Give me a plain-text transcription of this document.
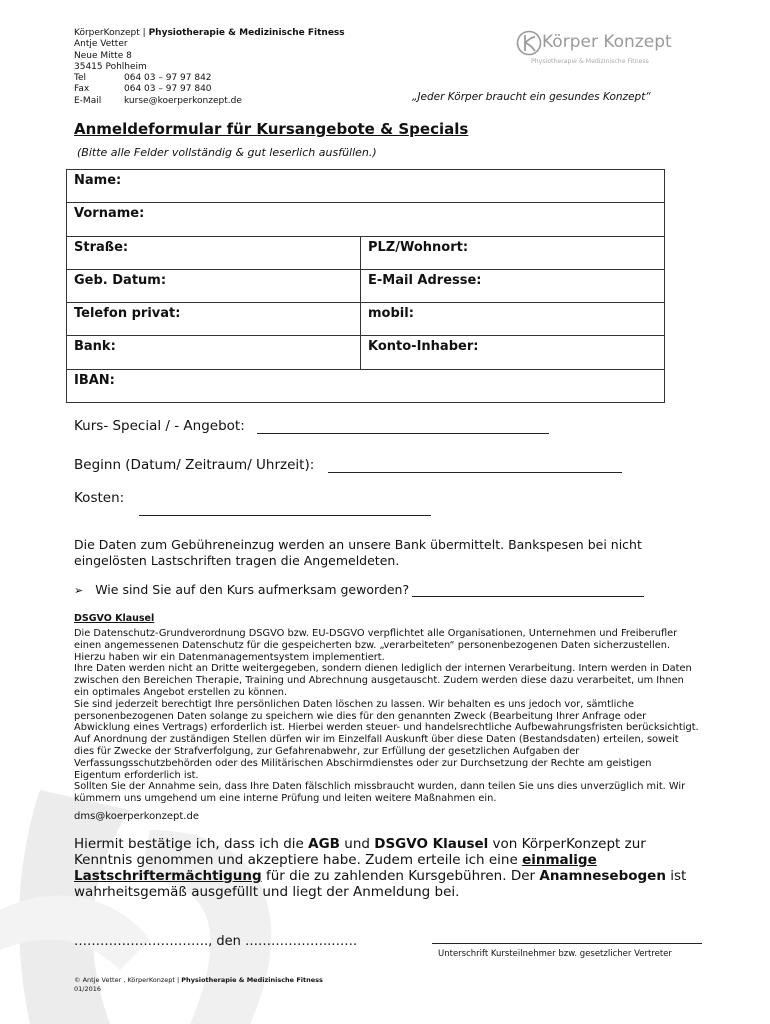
KörperKonzept
|
Physiotherapie & Medizinische Fitness
Antje Vetter
Neue Mitte 8
35415 Pohlheim
Tel	064 03 – 97 97 842
Fax	064 03 – 97 97 840
E-Mail	kurse@koerperkonzept.de
Körper Konzept
Physiotherapie & Medizinische Fitness
„Jeder Körper braucht ein gesundes Konzept“
Anmeldeformular für Kursangebote & Specials
(Bitte alle Felder vollständig & gut leserlich ausfüllen.)
Name:	
Vorname:	
Straße:	PLZ/Wohnort:
Geb. Datum:	E-Mail Adresse:
Telefon privat:	mobil:
Bank:	Konto-Inhaber:
IBAN:	
Kurs- Special / - Angebot:
Beginn (Datum/ Zeitraum/ Uhrzeit):
Kosten:
Die Daten zum Gebühreneinzug werden an unsere Bank übermittelt. Bankspesen bei nicht eingelösten Lastschriften tragen die Angemeldeten.
➢ Wie sind Sie auf den Kurs aufmerksam geworden?
DSGVO Klausel

Die Datenschutz-Grundverordnung DSGVO bzw. EU-DSGVO verpflichtet alle Organisationen, Unternehmen und Freiberufler einen angemessenen Datenschutz für die gespeicherten bzw. „verarbeiteten“ personenbezogenen Daten sicherzustellen. Hierzu haben wir ein Datenmanagementsystem implementiert.

Ihre Daten werden nicht an Dritte weitergegeben, sondern dienen lediglich der internen Verarbeitung. Intern werden in Daten zwischen den Bereichen Therapie, Training und Abrechnung ausgetauscht. Zudem werden diese dazu verarbeitet, um Ihnen ein optimales Angebot erstellen zu können.

Sie sind jederzeit berechtigt Ihre persönlichen Daten löschen zu lassen. Wir behalten es uns jedoch vor, sämtliche personenbezogenen Daten solange zu speichern wie dies für den genannten Zweck (Bearbeitung Ihrer Anfrage oder Abwicklung eines Vertrags) erforderlich ist. Hierbei werden steuer- und handelsrechtliche Aufbewahrungsfristen berücksichtigt. Auf Anordnung der zuständigen Stellen dürfen wir im Einzelfall Auskunft über diese Daten (Bestandsdaten) erteilen, soweit dies für Zwecke der Strafverfolgung, zur Gefahrenabwehr, zur Erfüllung der gesetzlichen Aufgaben der Verfassungsschutzbehörden oder des Militärischen Abschirmdienstes oder zur Durchsetzung der Rechte am geistigen Eigentum erforderlich ist.

Sollten Sie der Annahme sein, dass Ihre Daten fälschlich missbraucht wurden, dann teilen Sie uns dies unverzüglich mit. Wir kümmern uns umgehend um eine interne Prüfung und leiten weitere Maßnahmen ein.

dms@koerperkonzept.de
Hiermit bestätige ich, dass ich die AGB und DSGVO Klausel von KörperKonzept zur Kenntnis genommen und akzeptiere habe. Zudem erteile ich eine einmalige Lastschriftermächtigung für die zu zahlenden Kursgebühren. Der Anamnesebogen ist wahrheitsgemäß ausgefüllt und liegt der Anmeldung bei.
…………………………., den ………………..……
Unterschrift Kursteilnehmer bzw. gesetzlicher Vertreter
© Antje Vetter , KörperKonzept | Physiotherapie & Medizinische Fitness
01/2016
